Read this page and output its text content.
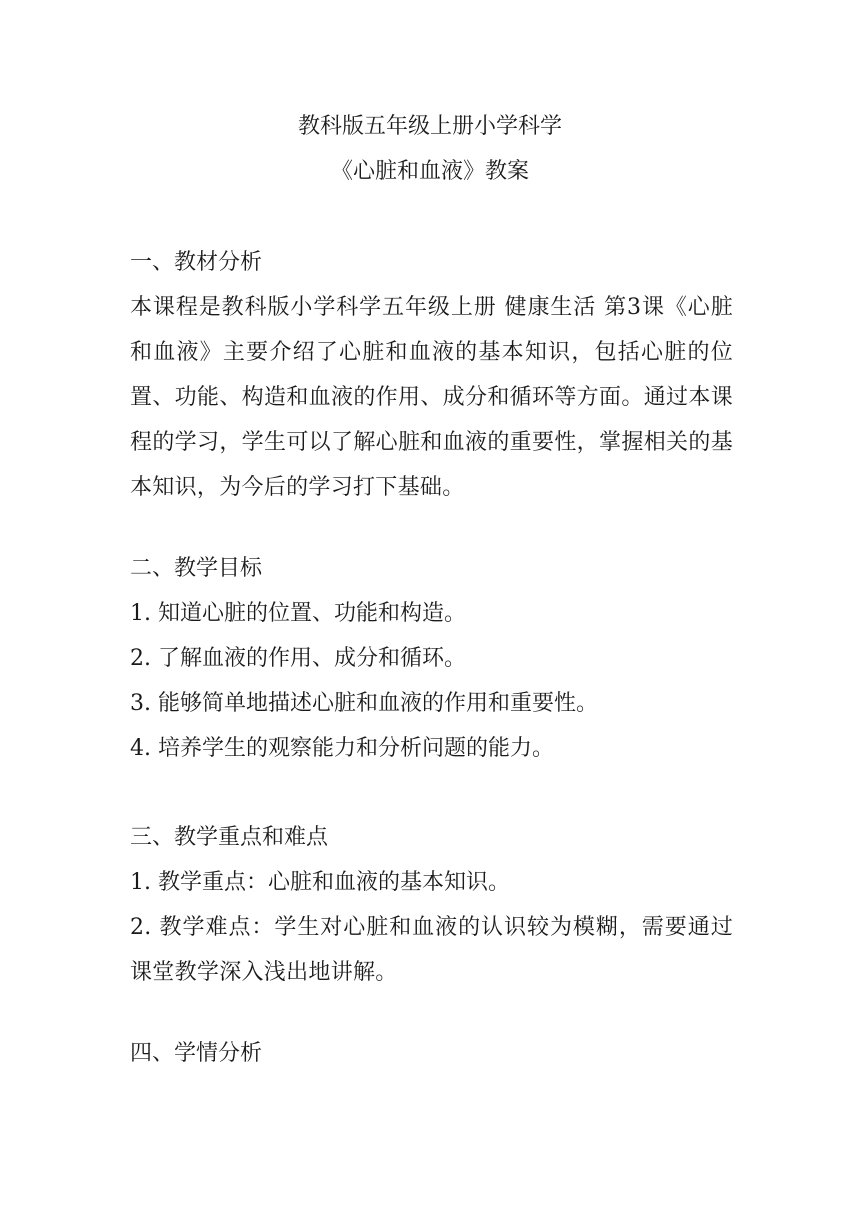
教科版五年级上册小学科学
《心脏和血液》教案
一、教材分析

本课程是教科版小学科学五年级上册 健康生活 第3课《心脏和血液》主要介绍了心脏和血液的基本知识，包括心脏的位置、功能、构造和血液的作用、成分和循环等方面。通过本课程的学习，学生可以了解心脏和血液的重要性，掌握相关的基本知识，为今后的学习打下基础。

二、教学目标
1. 知道心脏的位置、功能和构造。
2. 了解血液的作用、成分和循环。
3. 能够简单地描述心脏和血液的作用和重要性。
4. 培养学生的观察能力和分析问题的能力。
三、教学重点和难点
1. 教学重点：心脏和血液的基本知识。

2. 教学难点：学生对心脏和血液的认识较为模糊，需要通过课堂教学深入浅出地讲解。

四、学情分析
